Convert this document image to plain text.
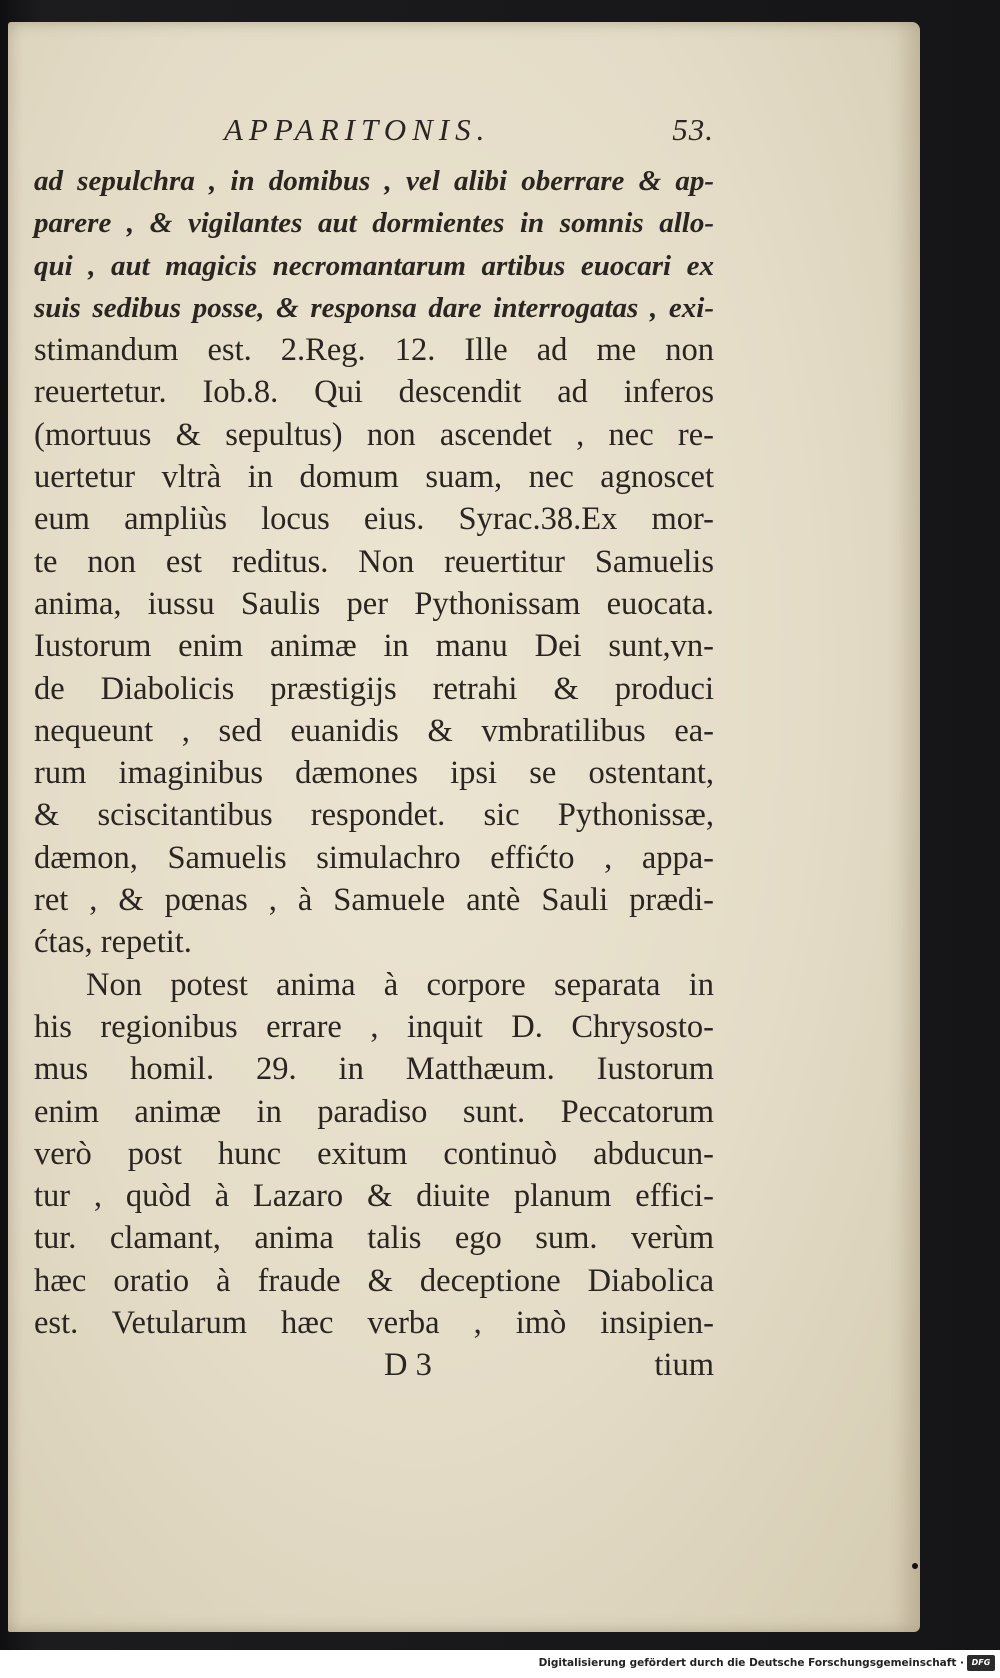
APPARITONIS.	53.
ad sepulchra , in domibus , vel alibi oberrare & ap-
parere , & vigilantes aut dormientes in somnis allo-
qui , aut magicis necromantarum artibus euocari ex
suis sedibus posse, & responsa dare interrogatas , exi-
stimandum est. 2.Reg. 12. Ille ad me non
reuertetur. Iob.8. Qui descendit ad inferos
(mortuus & sepultus) non ascendet , nec re-
uertetur vltrà in domum suam, nec agnoscet
eum ampliùs locus eius. Syrac.38.Ex mor-
te non est reditus. Non reuertitur Samuelis
anima, iussu Saulis per Pythonissam euocata.
Iustorum enim animæ in manu Dei sunt,vn-
de Diabolicis præstigijs retrahi & produci
nequeunt , sed euanidis & vmbratilibus ea-
rum imaginibus dæmones ipsi se ostentant,
& sciscitantibus respondet. sic Pythonissæ,
dæmon, Samuelis simulachro effićto , appa-
ret , & pœnas , à Samuele antè Sauli prædi-
ćtas, repetit.
Non potest anima à corpore separata in
his regionibus errare , inquit D. Chrysosto-
mus homil. 29. in Matthæum. Iustorum
enim animæ in paradiso sunt. Peccatorum
verò post hunc exitum continuò abducun-
tur , quòd à Lazaro & diuite planum effici-
tur. clamant, anima talis ego sum. verùm
hæc oratio à fraude & deceptione Diabolica
est. Vetularum hæc verba , imò insipien-
D 3	tium
Digitalisierung gefördert durch die Deutsche Forschungsgemeinschaft · DFG
